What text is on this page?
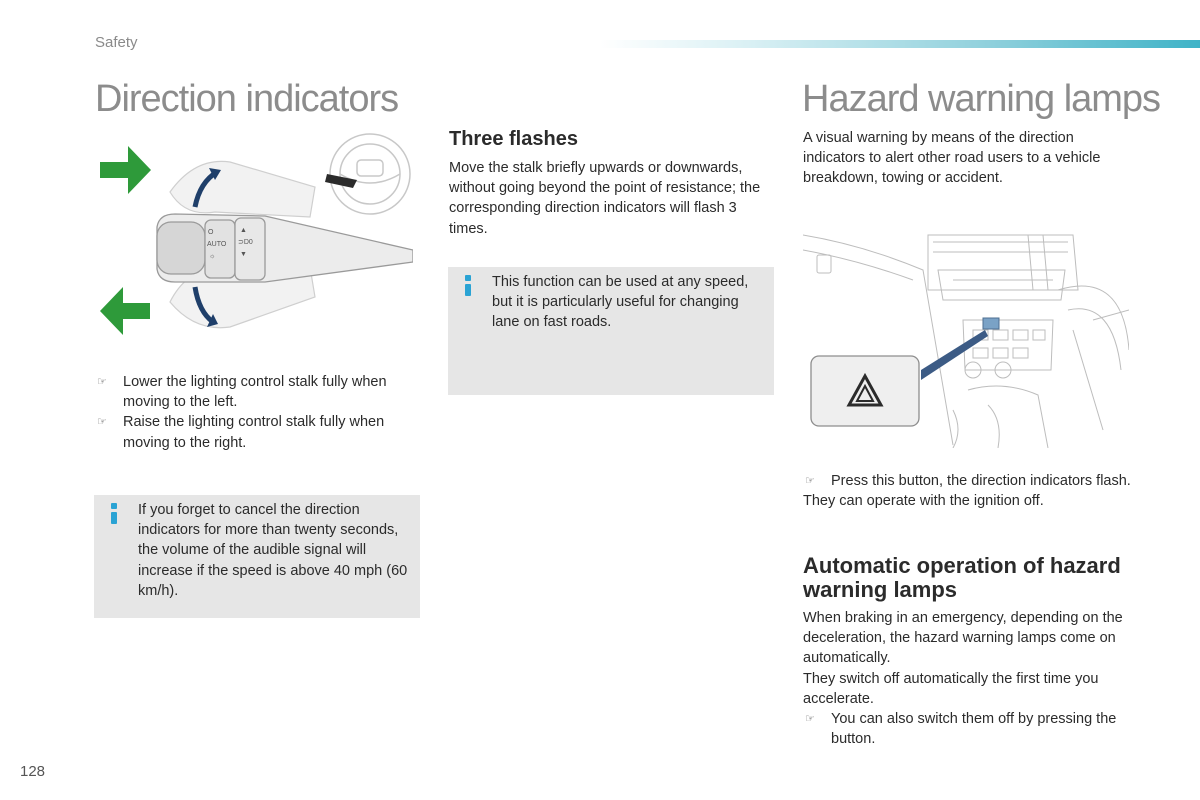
Safety
Direction indicators
O
AUTO
☼
▲
⊃D0
▼
☞	Lower the lighting control stalk fully when moving to the left.
☞	Raise the lighting control stalk fully when moving to the right.
If you forget to cancel the direction indicators for more than twenty seconds, the volume of the audible signal will increase if the speed is above 40 mph (60 km/h).
Three flashes

Move the stalk briefly upwards or downwards, without going beyond the point of resistance; the corresponding direction indicators will flash 3 times.

This function can be used at any speed, but it is particularly useful for changing lane on fast roads.
Hazard warning lamps

A visual warning by means of the direction indicators to alert other road users to a vehicle breakdown, towing or accident.

☞	Press this button, the direction indicators flash.

They can operate with the ignition off.

Automatic operation of hazard warning lamps

When braking in an emergency, depending on the deceleration, the hazard warning lamps come on automatically.

They switch off automatically the first time you accelerate.

☞	You can also switch them off by pressing the button.
128
